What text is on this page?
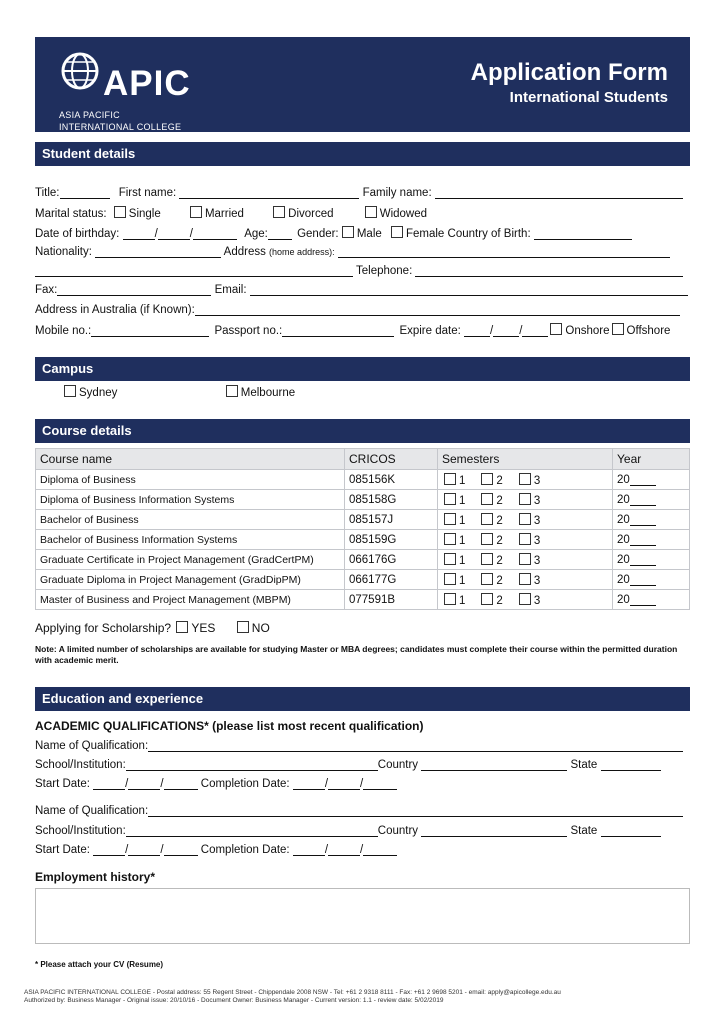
APIC
ASIA PACIFIC
INTERNATIONAL COLLEGE
Application Form
International Students
Student details
Title:	First name:	Family name:
Marital status: Single	Married	Divorced	Widowed
Date of birthday:	/	/	Age:	Gender: Male Female Country of Birth:
Nationality:	Address (home address):
Telephone:
Fax:	Email:
Address in Australia (if Known):
Mobile no.:	Passport no.:	Expire date:	/ /	Onshore Offshore
Campus
Sydney	Melbourne
Course details
Course name	CRICOS	Semesters	Year
Diploma of Business	085156K	1 2 3	20
Diploma of Business Information Systems	085158G	1 2 3	20
Bachelor of Business	085157J	1 2 3	20
Bachelor of Business Information Systems	085159G	1 2 3	20
Graduate Certificate in Project Management (GradCertPM)	066176G	1 2 3	20
Graduate Diploma in Project Management (GradDipPM)	066177G	1 2 3	20
Master of Business and Project Management (MBPM)	077591B	1 2 3	20
Applying for Scholarship? YES	NO
Note: A limited number of scholarships are available for studying Master or MBA degrees; candidates must complete their course within the permitted duration with academic merit.
Education and experience
ACADEMIC QUALIFICATIONS* (please list most recent qualification)
Name of Qualification:
School/Institution:	Country	State
Start Date:	/	/	Completion Date:	/	/
Name of Qualification:
School/Institution:	Country	State
Start Date:	/	/	Completion Date:	/	/
Employment history*
* Please attach your CV (Resume)
ASIA PACIFIC INTERNATIONAL COLLEGE - Postal address: 55 Regent Street - Chippendale 2008 NSW - Tel: +61 2 9318 8111 - Fax: +61 2 9698 5201 - email: apply@apicollege.edu.au
Authorized by: Business Manager - Original issue: 20/10/16 - Document Owner: Business Manager - Current version: 1.1 - review date: 5/02/2019
